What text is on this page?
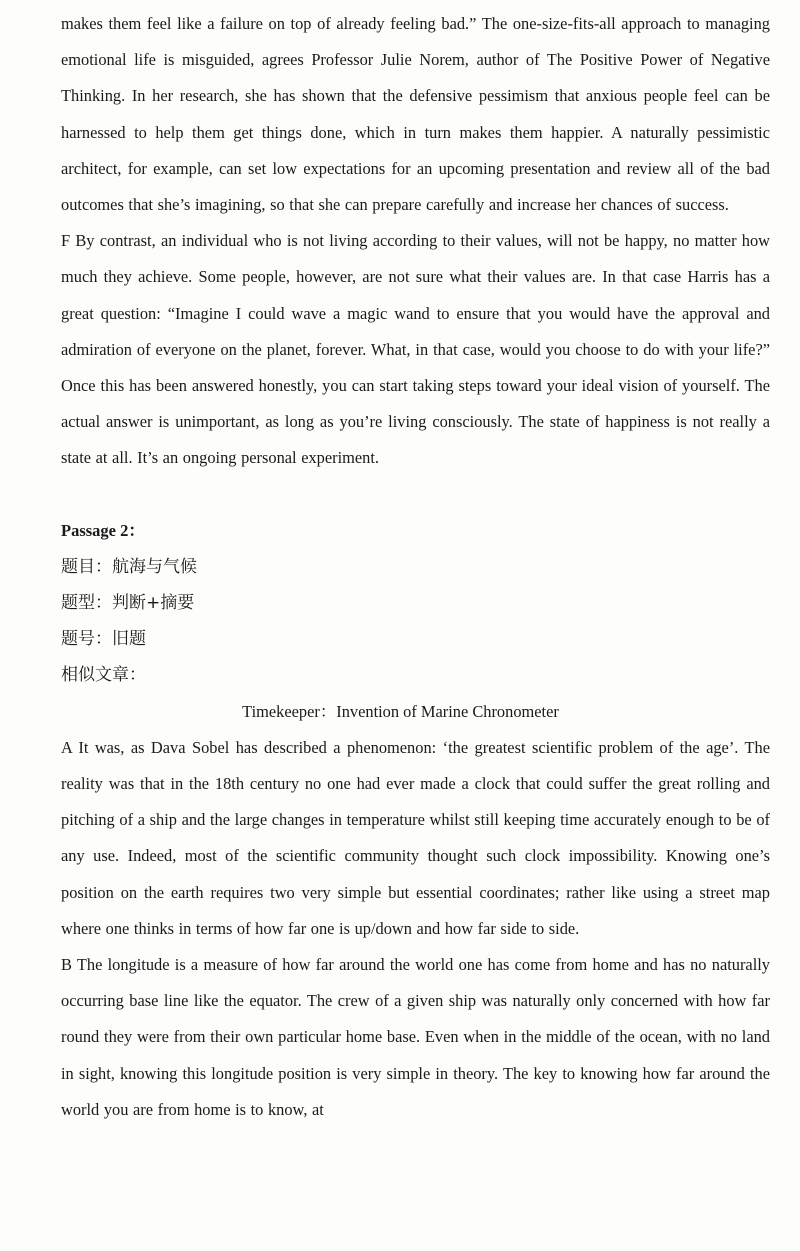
makes them feel like a failure on top of already feeling bad.” The one-size-fits-all approach to managing emotional life is misguided, agrees Professor Julie Norem, author of The Positive Power of Negative Thinking. In her research, she has shown that the defensive pessimism that anxious people feel can be harnessed to help them get things done, which in turn makes them happier. A naturally pessimistic architect, for example, can set low expectations for an upcoming presentation and review all of the bad outcomes that she’s imagining, so that she can prepare carefully and increase her chances of success.

F By contrast, an individual who is not living according to their values, will not be happy, no matter how much they achieve. Some people, however, are not sure what their values are. In that case Harris has a great question: “Imagine I could wave a magic wand to ensure that you would have the approval and admiration of everyone on the planet, forever. What, in that case, would you choose to do with your life?” Once this has been answered honestly, you can start taking steps toward your ideal vision of yourself. The actual answer is unimportant, as long as you’re living consciously. The state of happiness is not really a state at all. It’s an ongoing personal experiment.

Passage 2：

题目：航海与气候

题型：判断+摘要

题号：旧题

相似文章：

Timekeeper：Invention of Marine Chronometer

A It was, as Dava Sobel has described a phenomenon: ‘the greatest scientific problem of the age’. The reality was that in the 18th century no one had ever made a clock that could suffer the great rolling and pitching of a ship and the large changes in temperature whilst still keeping time accurately enough to be of any use. Indeed, most of the scientific community thought such clock impossibility. Knowing one’s position on the earth requires two very simple but essential coordinates; rather like using a street map where one thinks in terms of how far one is up/down and how far side to side.

B The longitude is a measure of how far around the world one has come from home and has no naturally occurring base line like the equator. The crew of a given ship was naturally only concerned with how far round they were from their own particular home base. Even when in the middle of the ocean, with no land in sight, knowing this longitude position is very simple in theory. The key to knowing how far around the world you are from home is to know, at
